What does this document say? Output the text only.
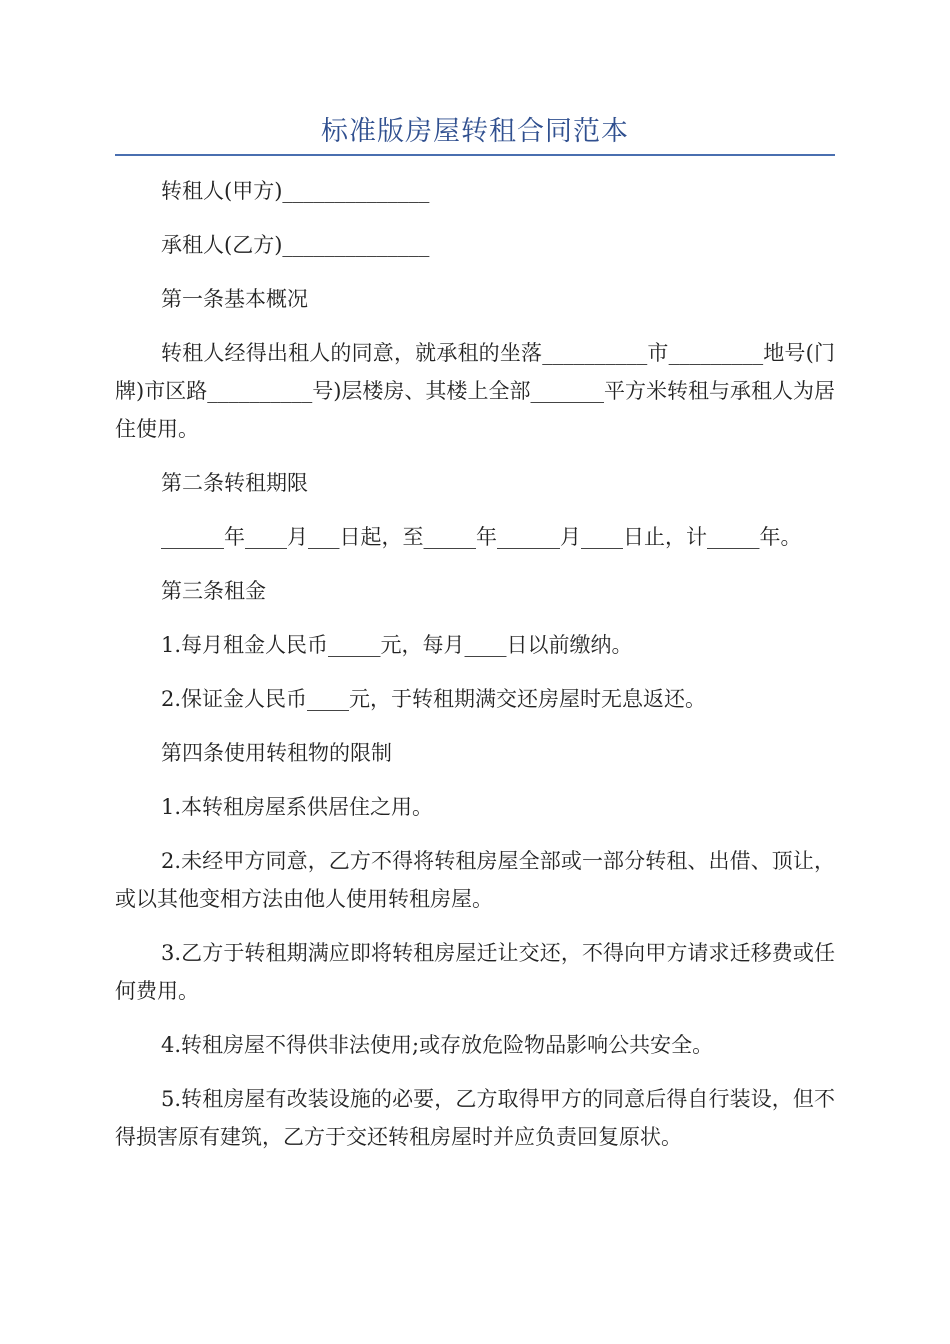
标准版房屋转租合同范本

转租人(甲方)______________

承租人(乙方)______________

第一条基本概况

转租人经得出租人的同意，就承租的坐落__________市_________地号(门牌)市区路__________号)层楼房、其楼上全部_______平方米转租与承租人为居住使用。

第二条转租期限

______年____月___日起，至_____年______月____日止，计_____年。

第三条租金

1.每月租金人民币_____元，每月____日以前缴纳。

2.保证金人民币____元，于转租期满交还房屋时无息返还。

第四条使用转租物的限制

1.本转租房屋系供居住之用。

2.未经甲方同意，乙方不得将转租房屋全部或一部分转租、出借、顶让，或以其他变相方法由他人使用转租房屋。

3.乙方于转租期满应即将转租房屋迁让交还，不得向甲方请求迁移费或任何费用。

4.转租房屋不得供非法使用;或存放危险物品影响公共安全。

5.转租房屋有改装设施的必要，乙方取得甲方的同意后得自行装设，但不得损害原有建筑，乙方于交还转租房屋时并应负责回复原状。
